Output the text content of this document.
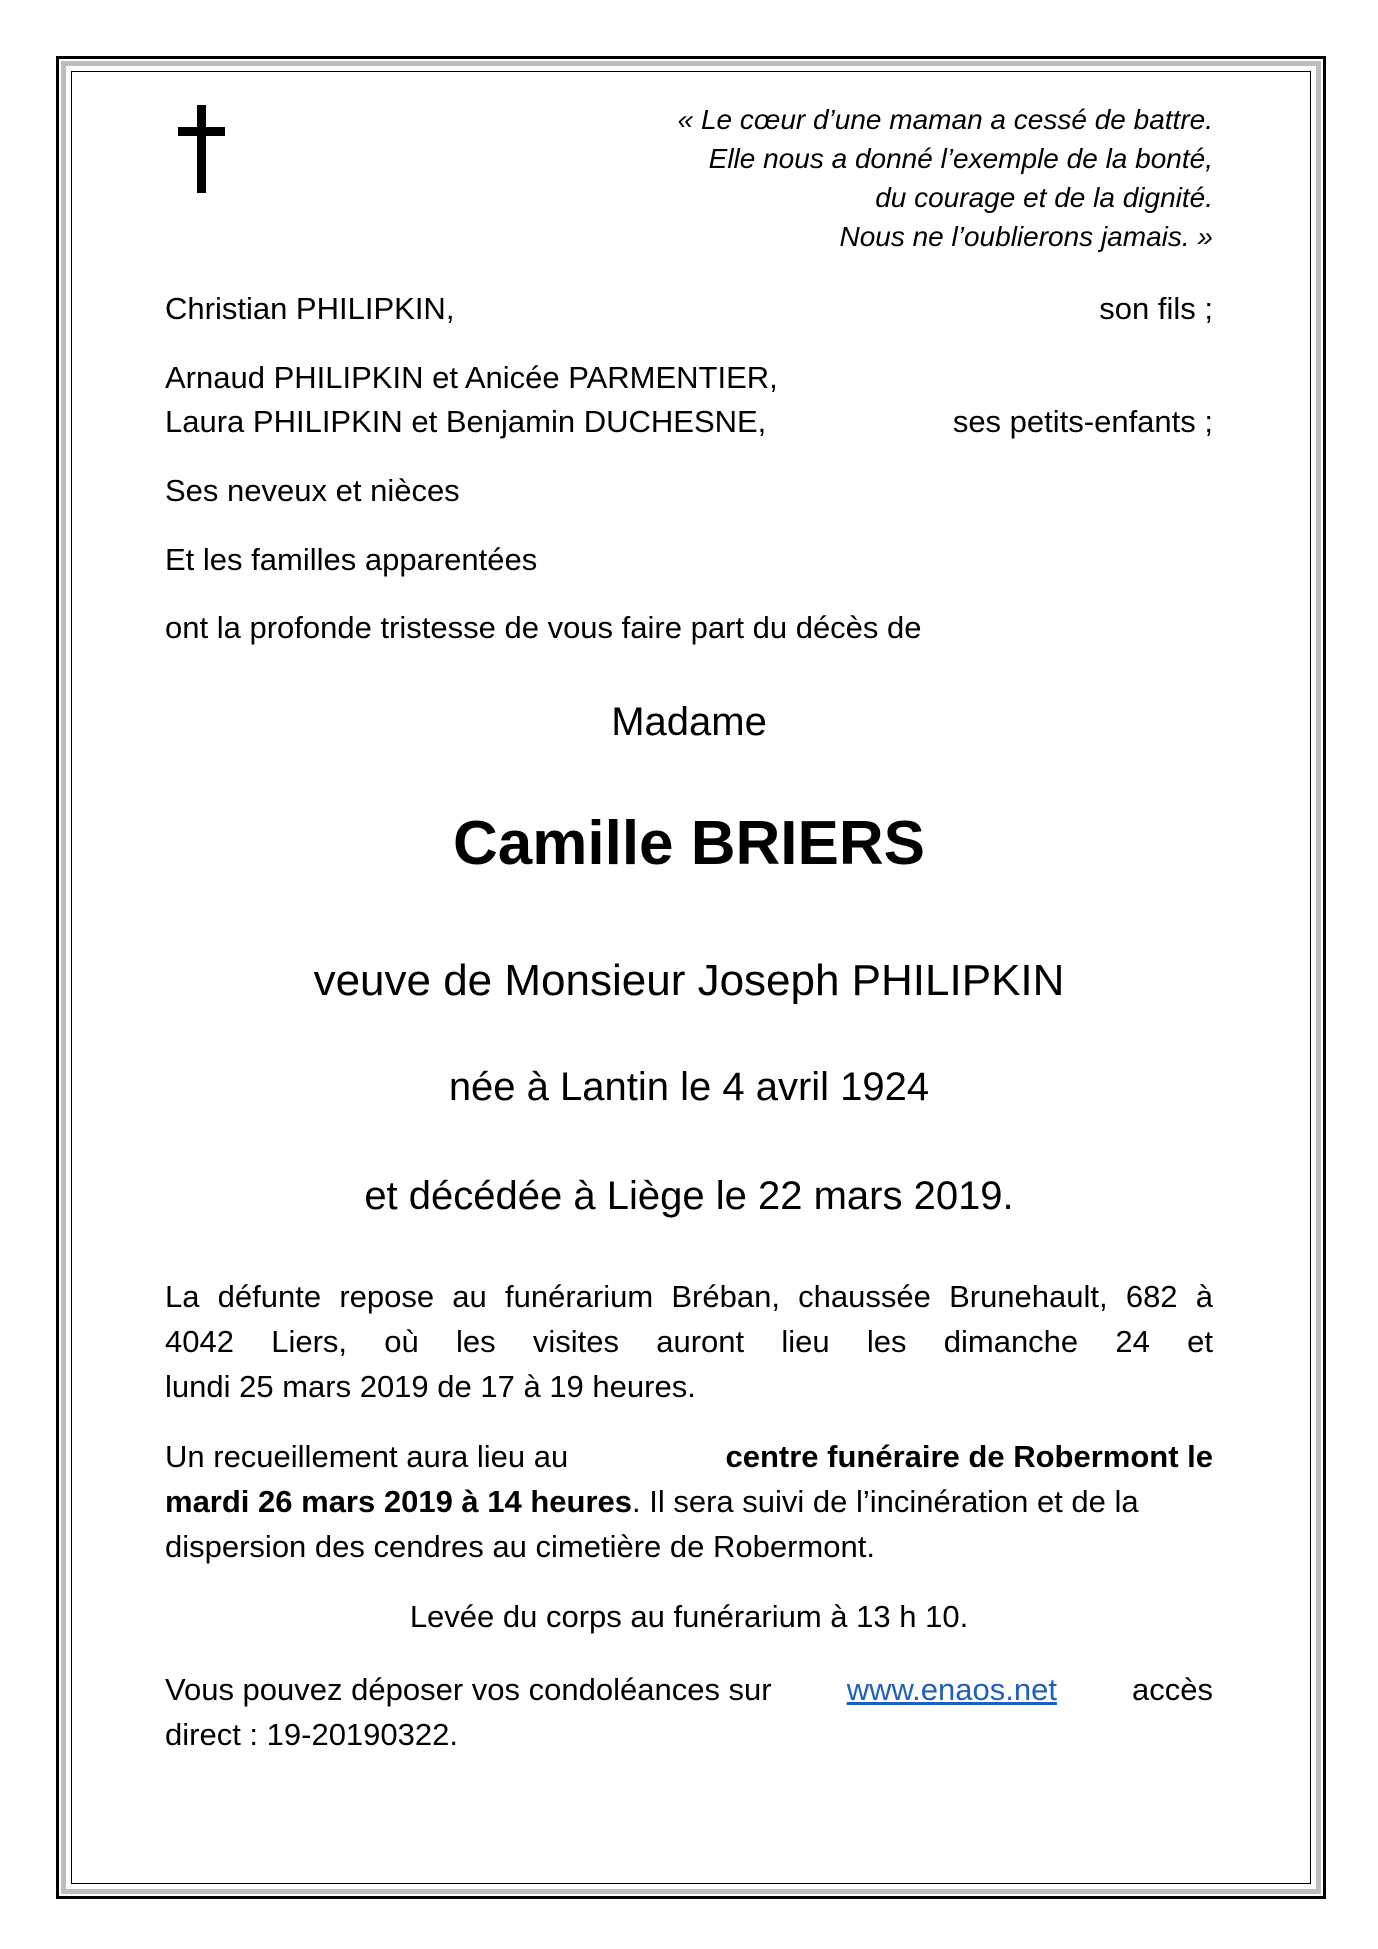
« Le cœur d’une maman a cessé de battre.
Elle nous a donné l’exemple de la bonté,
du courage et de la dignité.
Nous ne l’oublierons jamais. »
Christian PHILIPKIN,	son fils ;
Arnaud PHILIPKIN et Anicée PARMENTIER,
Laura PHILIPKIN et Benjamin DUCHESNE,	ses petits-enfants ;
Ses neveux et nièces
Et les familles apparentées
ont la profonde tristesse de vous faire part du décès de
Madame
Camille BRIERS
veuve de Monsieur Joseph PHILIPKIN
née à Lantin le 4 avril 1924
et décédée à Liège le 22 mars 2019.
La défunte repose au funérarium Bréban, chaussée Brunehault, 682 à
4042 Liers, où les visites auront lieu les dimanche 24 et
lundi 25 mars 2019 de 17 à 19 heures.
Un recueillement aura lieu au	centre funéraire de Robermont le
mardi 26 mars 2019 à 14 heures. Il sera suivi de l’incinération et de la
dispersion des cendres au cimetière de Robermont.
Levée du corps au funérarium à 13 h 10.
Vous pouvez déposer vos condoléances sur www.enaos.net accès
direct : 19-20190322.
